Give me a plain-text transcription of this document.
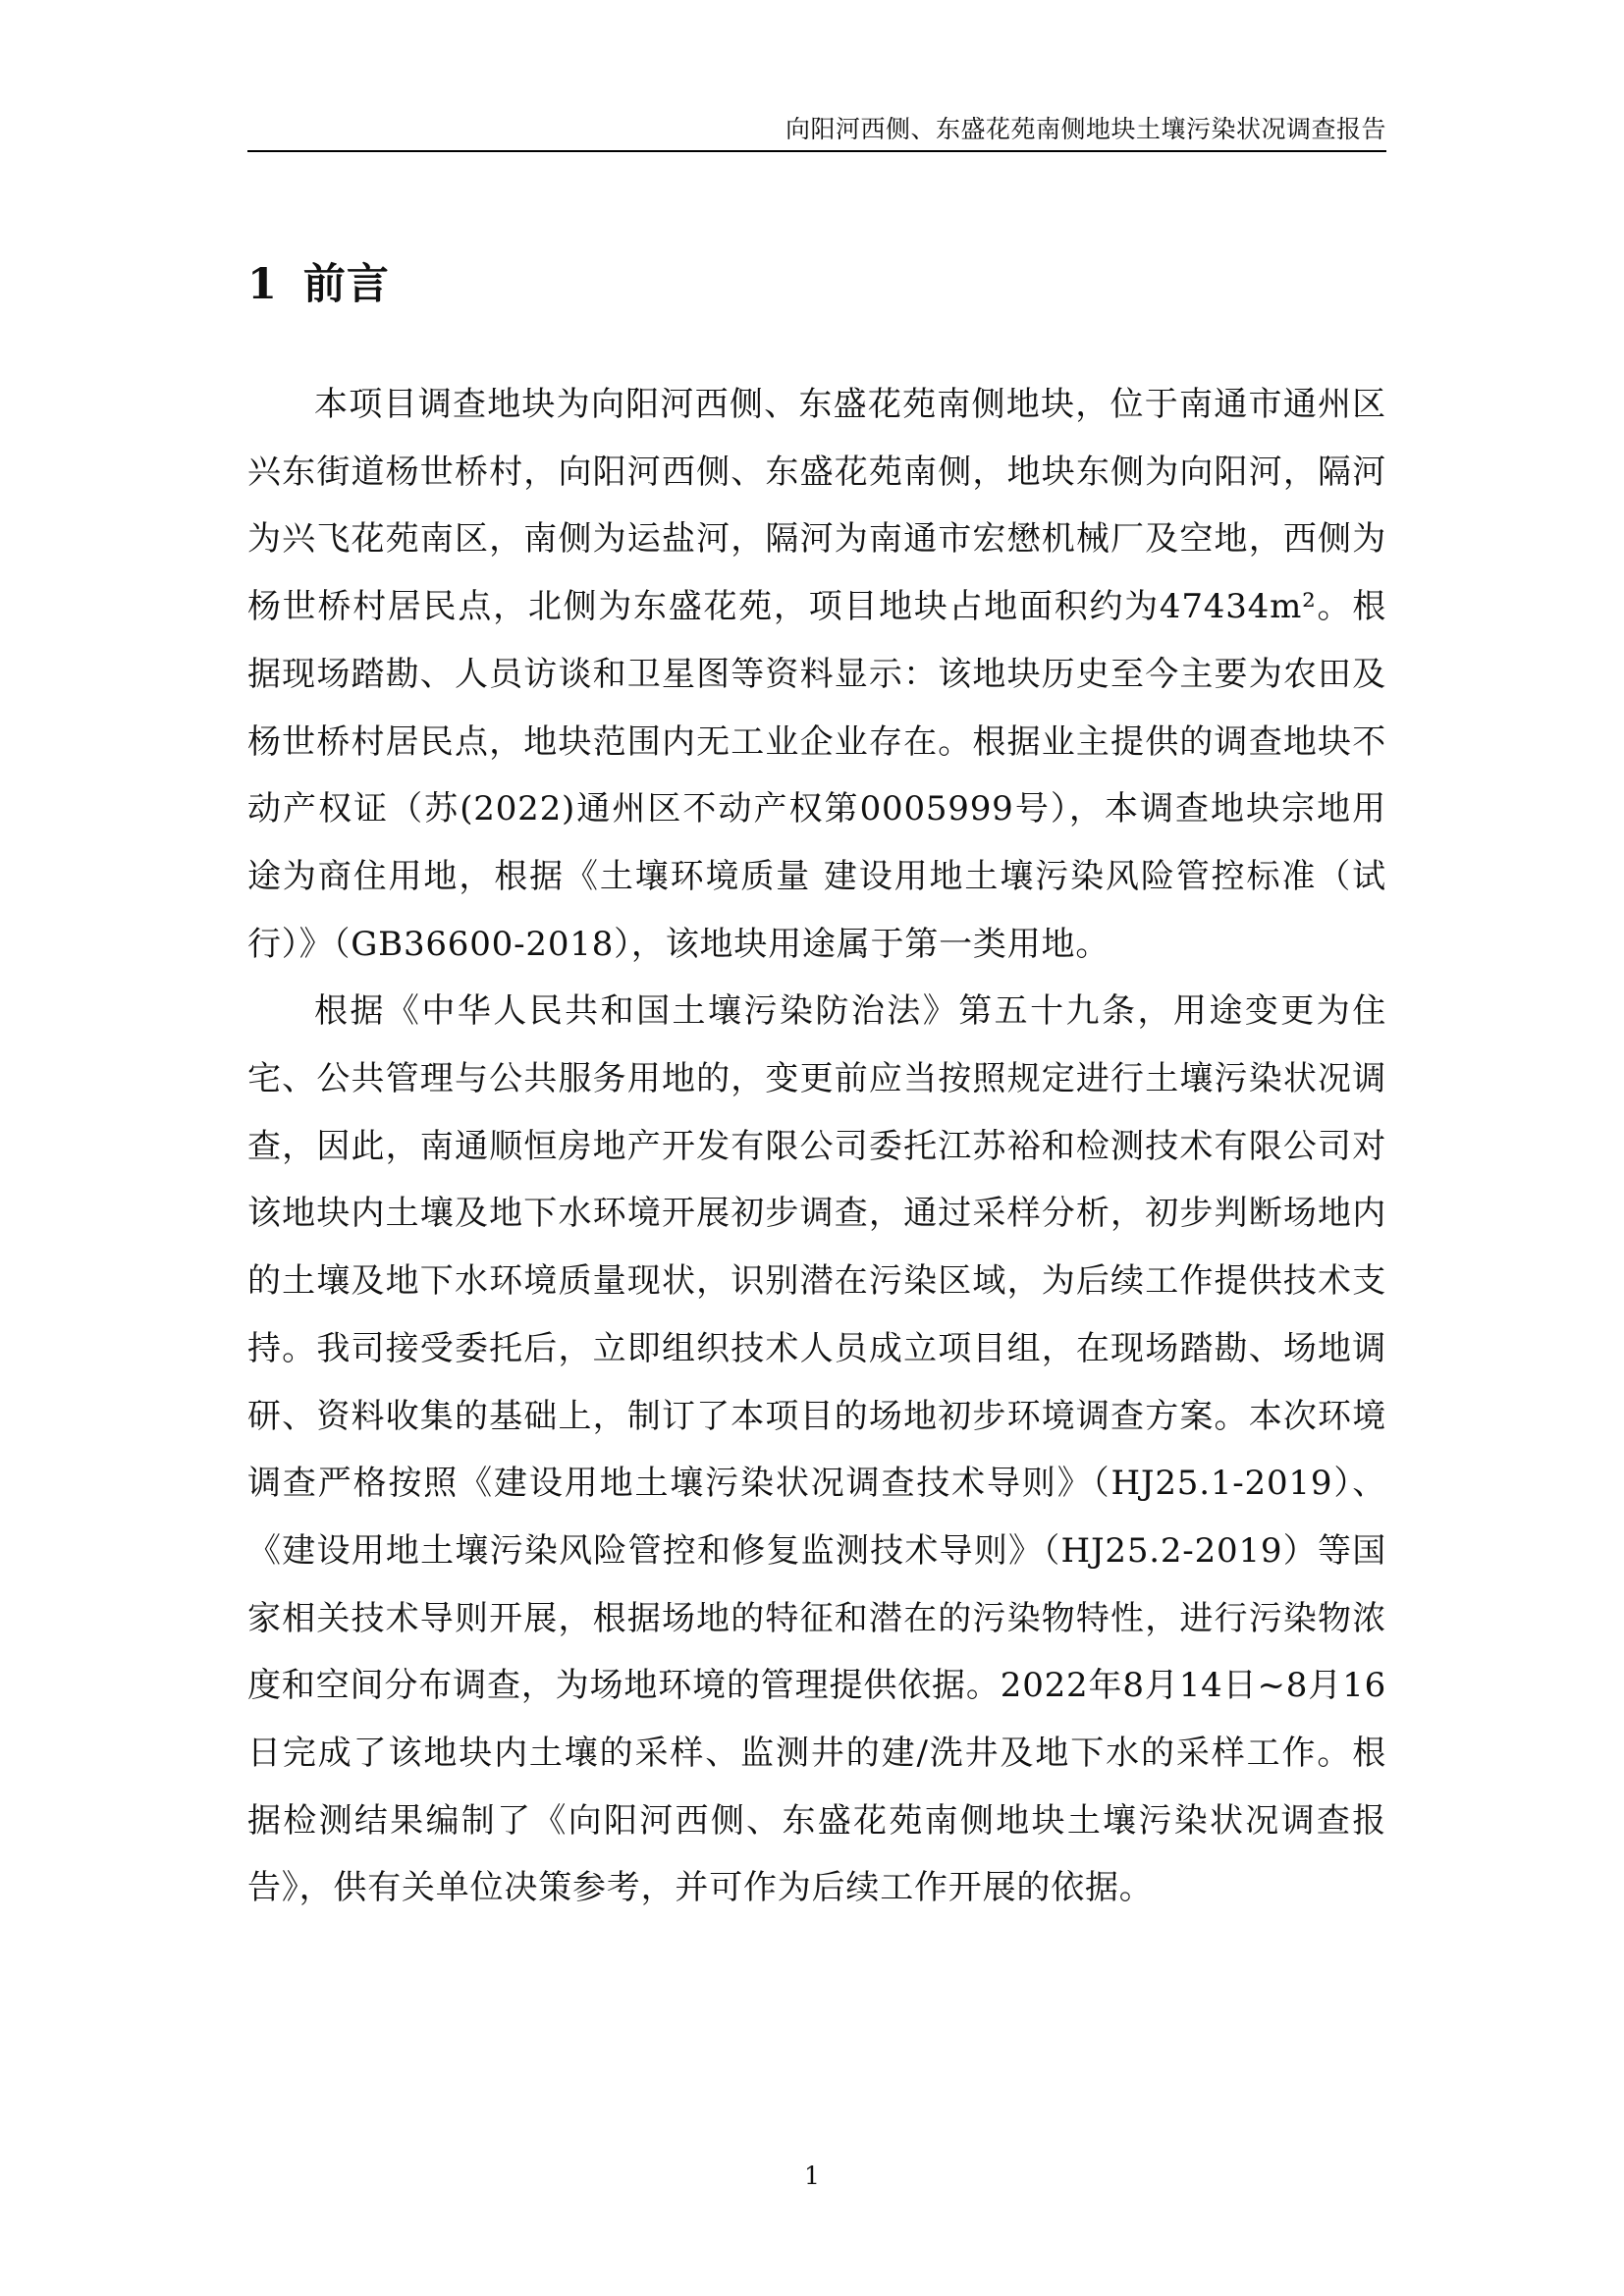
向阳河西侧、东盛花苑南侧地块土壤污染状况调查报告
1 前言

本项目调查地块为向阳河西侧、东盛花苑南侧地块，位于南通市通州区兴东街道杨世桥村，向阳河西侧、东盛花苑南侧，地块东侧为向阳河，隔河为兴飞花苑南区，南侧为运盐河，隔河为南通市宏懋机械厂及空地，西侧为杨世桥村居民点，北侧为东盛花苑，项目地块占地面积约为47434m²。根据现场踏勘、人员访谈和卫星图等资料显示：该地块历史至今主要为农田及杨世桥村居民点，地块范围内无工业企业存在。根据业主提供的调查地块不动产权证（苏(2022)通州区不动产权第0005999号），本调查地块宗地用途为商住用地，根据《土壤环境质量 建设用地土壤污染风险管控标准（试行）》（GB36600-2018），该地块用途属于第一类用地。

根据《中华人民共和国土壤污染防治法》第五十九条，用途变更为住宅、公共管理与公共服务用地的，变更前应当按照规定进行土壤污染状况调查，因此，南通顺恒房地产开发有限公司委托江苏裕和检测技术有限公司对该地块内土壤及地下水环境开展初步调查，通过采样分析，初步判断场地内的土壤及地下水环境质量现状，识别潜在污染区域，为后续工作提供技术支持。我司接受委托后，立即组织技术人员成立项目组，在现场踏勘、场地调研、资料收集的基础上，制订了本项目的场地初步环境调查方案。本次环境调查严格按照《建设用地土壤污染状况调查技术导则》（HJ25.1-2019）、《建设用地土壤污染风险管控和修复监测技术导则》（HJ25.2-2019）等国家相关技术导则开展，根据场地的特征和潜在的污染物特性，进行污染物浓度和空间分布调查，为场地环境的管理提供依据。2022年8月14日~8月16日完成了该地块内土壤的采样、监测井的建/洗井及地下水的采样工作。根据检测结果编制了《向阳河西侧、东盛花苑南侧地块土壤污染状况调查报告》，供有关单位决策参考，并可作为后续工作开展的依据。

1
